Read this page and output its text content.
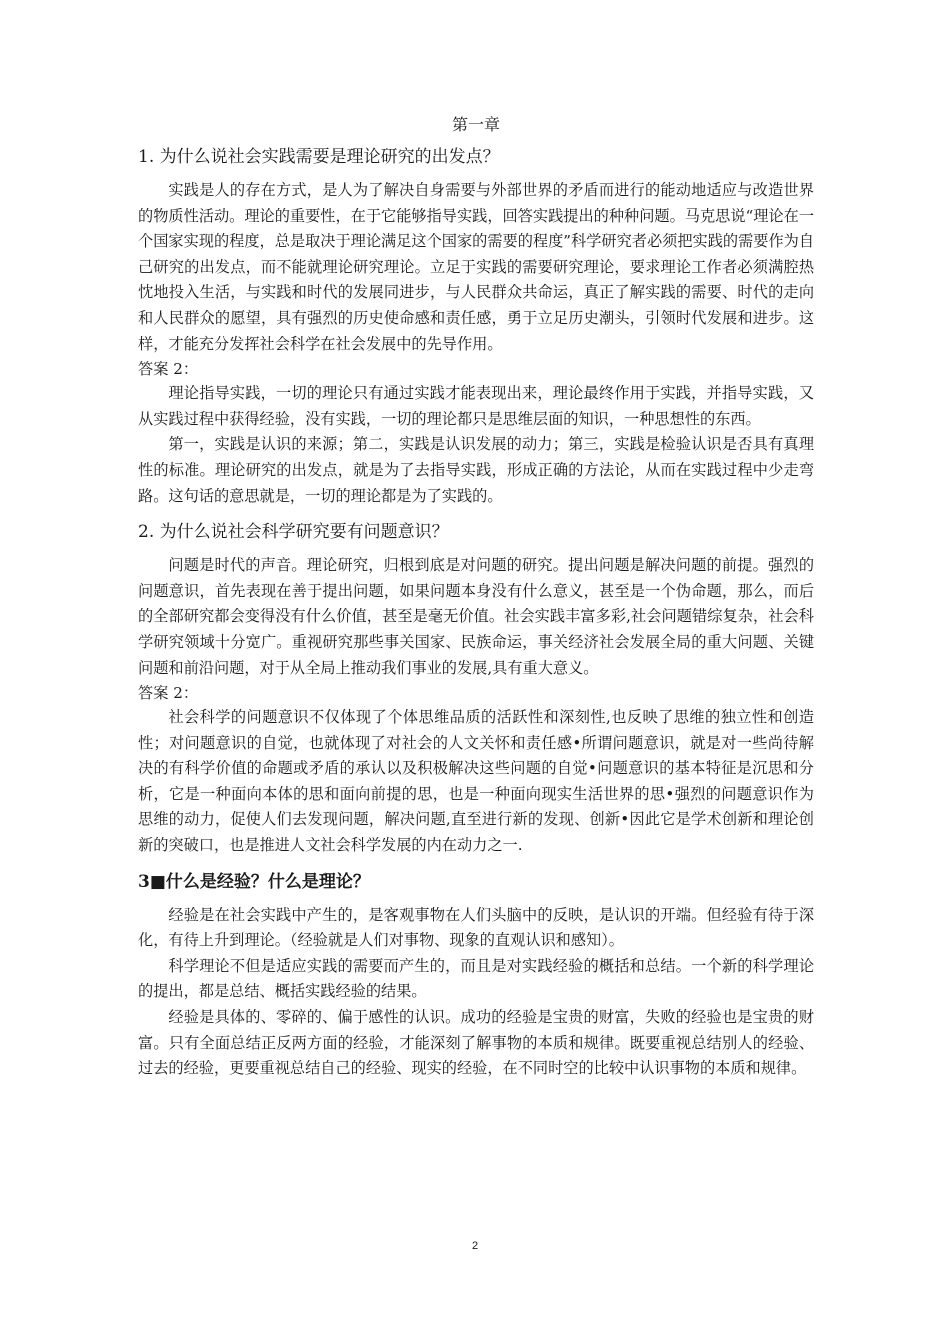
第一章
1. 为什么说社会实践需要是理论研究的出发点？

实践是人的存在方式，是人为了解决自身需要与外部世界的矛盾而进行的能动地适应与改造世界的物质性活动。理论的重要性，在于它能够指导实践，回答实践提出的种种问题。马克思说“理论在一个国家实现的程度，总是取决于理论满足这个国家的需要的程度”科学研究者必须把实践的需要作为自己研究的出发点，而不能就理论研究理论。立足于实践的需要研究理论，要求理论工作者必须满腔热忱地投入生活，与实践和时代的发展同进步，与人民群众共命运，真正了解实践的需要、时代的走向和人民群众的愿望，具有强烈的历史使命感和责任感，勇于立足历史潮头，引领时代发展和进步。这样，才能充分发挥社会科学在社会发展中的先导作用。

答案 2：

理论指导实践，一切的理论只有通过实践才能表现出来，理论最终作用于实践，并指导实践，又从实践过程中获得经验，没有实践，一切的理论都只是思维层面的知识，一种思想性的东西。

第一，实践是认识的来源；第二，实践是认识发展的动力；第三，实践是检验认识是否具有真理性的标准。理论研究的出发点，就是为了去指导实践，形成正确的方法论，从而在实践过程中少走弯路。这句话的意思就是，一切的理论都是为了实践的。

2. 为什么说社会科学研究要有问题意识？

问题是时代的声音。理论研究，归根到底是对问题的研究。提出问题是解决问题的前提。强烈的问题意识，首先表现在善于提出问题，如果问题本身没有什么意义，甚至是一个伪命题，那么，而后的全部研究都会变得没有什么价值，甚至是毫无价值。社会实践丰富多彩,社会问题错综复杂，社会科学研究领域十分宽广。重视研究那些事关国家、民族命运，事关经济社会发展全局的重大问题、关键问题和前沿问题，对于从全局上推动我们事业的发展,具有重大意义。

答案 2：

社会科学的问题意识不仅体现了个体思维品质的活跃性和深刻性,也反映了思维的独立性和创造性；对问题意识的自觉，也就体现了对社会的人文关怀和责任感•所谓问题意识，就是对一些尚待解决的有科学价值的命题或矛盾的承认以及积极解决这些问题的自觉•问题意识的基本特征是沉思和分析，它是一种面向本体的思和面向前提的思，也是一种面向现实生活世界的思•强烈的问题意识作为思维的动力，促使人们去发现问题，解决问题,直至进行新的发现、创新•因此它是学术创新和理论创新的突破口，也是推进人文社会科学发展的内在动力之一.

3■什么是经验？什么是理论？

经验是在社会实践中产生的，是客观事物在人们头脑中的反映，是认识的开端。但经验有待于深化，有待上升到理论。（经验就是人们对事物、现象的直观认识和感知）。

科学理论不但是适应实践的需要而产生的，而且是对实践经验的概括和总结。一个新的科学理论的提出，都是总结、概括实践经验的结果。

经验是具体的、零碎的、偏于感性的认识。成功的经验是宝贵的财富，失败的经验也是宝贵的财富。只有全面总结正反两方面的经验，才能深刻了解事物的本质和规律。既要重视总结别人的经验、过去的经验，更要重视总结自己的经验、现实的经验，在不同时空的比较中认识事物的本质和规律。

2
